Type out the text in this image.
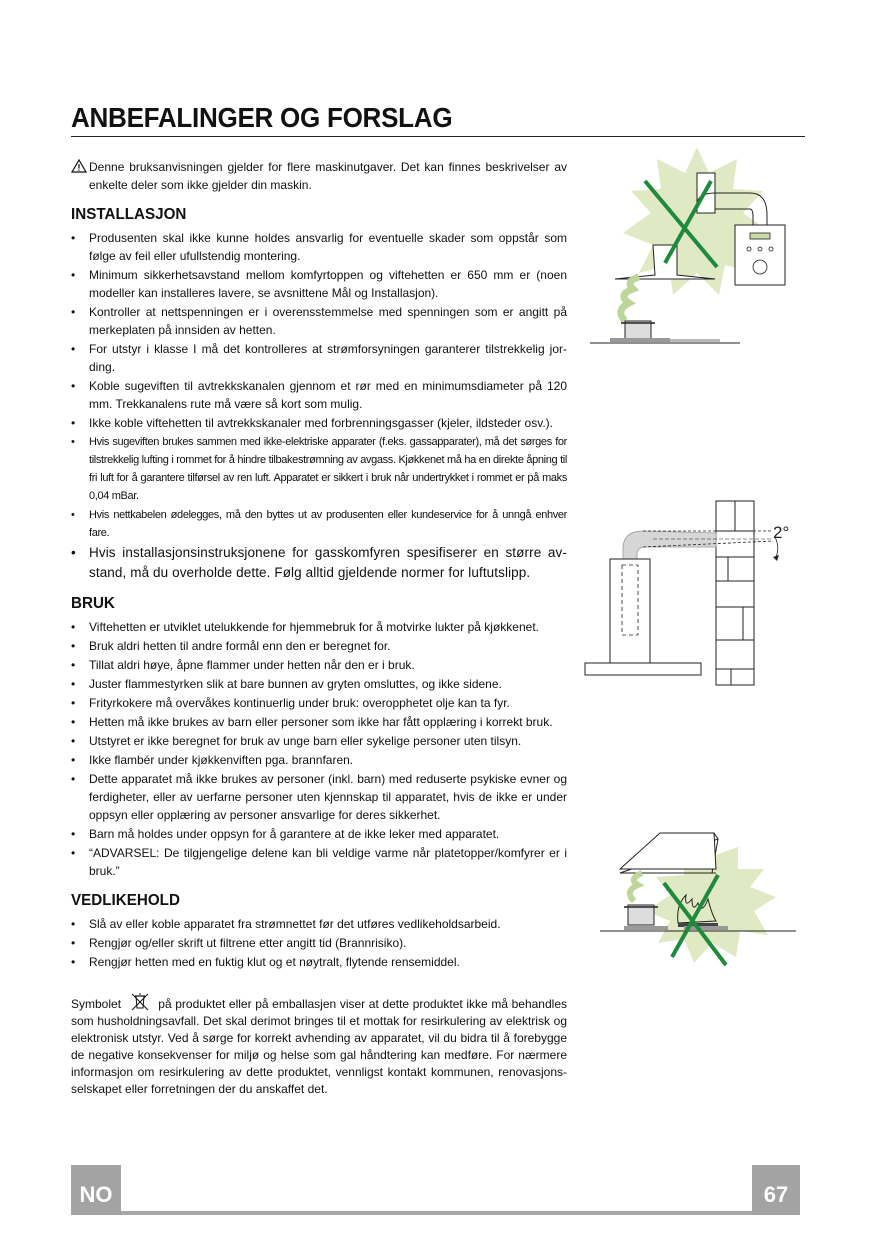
ANBEFALINGER OG FORSLAG

Denne bruksanvisningen gjelder for flere maskinutgaver. Det kan finnes beskrivelser av enkelte deler som ikke gjelder din maskin.

INSTALLASJON
• Produsenten skal ikke kunne holdes ansvarlig for eventuelle skader som oppstår som følge av feil eller ufullstendig montering.
• Minimum sikkerhetsavstand mellom komfyrtoppen og viftehetten er 650 mm er (noen modeller kan installeres lavere, se avsnittene Mål og Installasjon).
• Kontroller at nettspenningen er i overensstemmelse med spenningen som er angitt på merkeplaten på innsiden av hetten.
• For utstyr i klasse I må det kontrolleres at strømforsyningen garanterer tilstrekkelig jor-ding.
• Koble sugeviften til avtrekkskanalen gjennom et rør med en minimumsdiameter på 120 mm. Trekkanalens rute må være så kort som mulig.
• Ikke koble viftehetten til avtrekkskanaler med forbrenningsgasser (kjeler, ildsteder osv.).
• Hvis sugeviften brukes sammen med ikke-elektriske apparater (f.eks. gassapparater), må det sørges for tilstrekkelig lufting i rommet for å hindre tilbakestrømning av avgass. Kjøkkenet må ha en direkte åpning til fri luft for å garantere tilførsel av ren luft. Apparatet er sikkert i bruk når undertrykket i rommet er på maks 0,04 mBar.
• Hvis nettkabelen ødelegges, må den byttes ut av produsenten eller kundeservice for å unngå enhver fare.
• Hvis installasjonsinstruksjonene for gasskomfyren spesifiserer en større av-stand, må du overholde dette. Følg alltid gjeldende normer for luftutslipp.
BRUK
• Viftehetten er utviklet utelukkende for hjemmebruk for å motvirke lukter på kjøkkenet.
• Bruk aldri hetten til andre formål enn den er beregnet for.
• Tillat aldri høye, åpne flammer under hetten når den er i bruk.
• Juster flammestyrken slik at bare bunnen av gryten omsluttes, og ikke sidene.
• Frityrkokere må overvåkes kontinuerlig under bruk: overopphetet olje kan ta fyr.
• Hetten må ikke brukes av barn eller personer som ikke har fått opplæring i korrekt bruk.
• Utstyret er ikke beregnet for bruk av unge barn eller sykelige personer uten tilsyn.
• Ikke flambér under kjøkkenviften pga. brannfaren.
• Dette apparatet må ikke brukes av personer (inkl. barn) med reduserte psykiske evner og ferdigheter, eller av uerfarne personer uten kjennskap til apparatet, hvis de ikke er under oppsyn eller opplæring av personer ansvarlige for deres sikkerhet.
• Barn må holdes under oppsyn for å garantere at de ikke leker med apparatet.
• “ADVARSEL: De tilgjengelige delene kan bli veldige varme når platetopper/komfyrer er i bruk.”
VEDLIKEHOLD
• Slå av eller koble apparatet fra strømnettet før det utføres vedlikeholdsarbeid.
• Rengjør og/eller skrift ut filtrene etter angitt tid (Brannrisiko).
• Rengjør hetten med en fuktig klut og et nøytralt, flytende rensemiddel.

Symbolet	på produktet eller på emballasjen viser at dette produktet ikke må behandles som husholdningsavfall. Det skal derimot bringes til et mottak for resirkulering av elektrisk og elektronisk utstyr. Ved å sørge for korrekt avhending av apparatet, vil du bidra til å forebygge de negative konsekvenser for miljø og helse som gal håndtering kan medføre. For nærmere informasjon om resirkulering av dette produktet, vennligst kontakt kommunen, renovasjons-selskapet eller forretningen der du anskaffet det.

2°
NO	67
